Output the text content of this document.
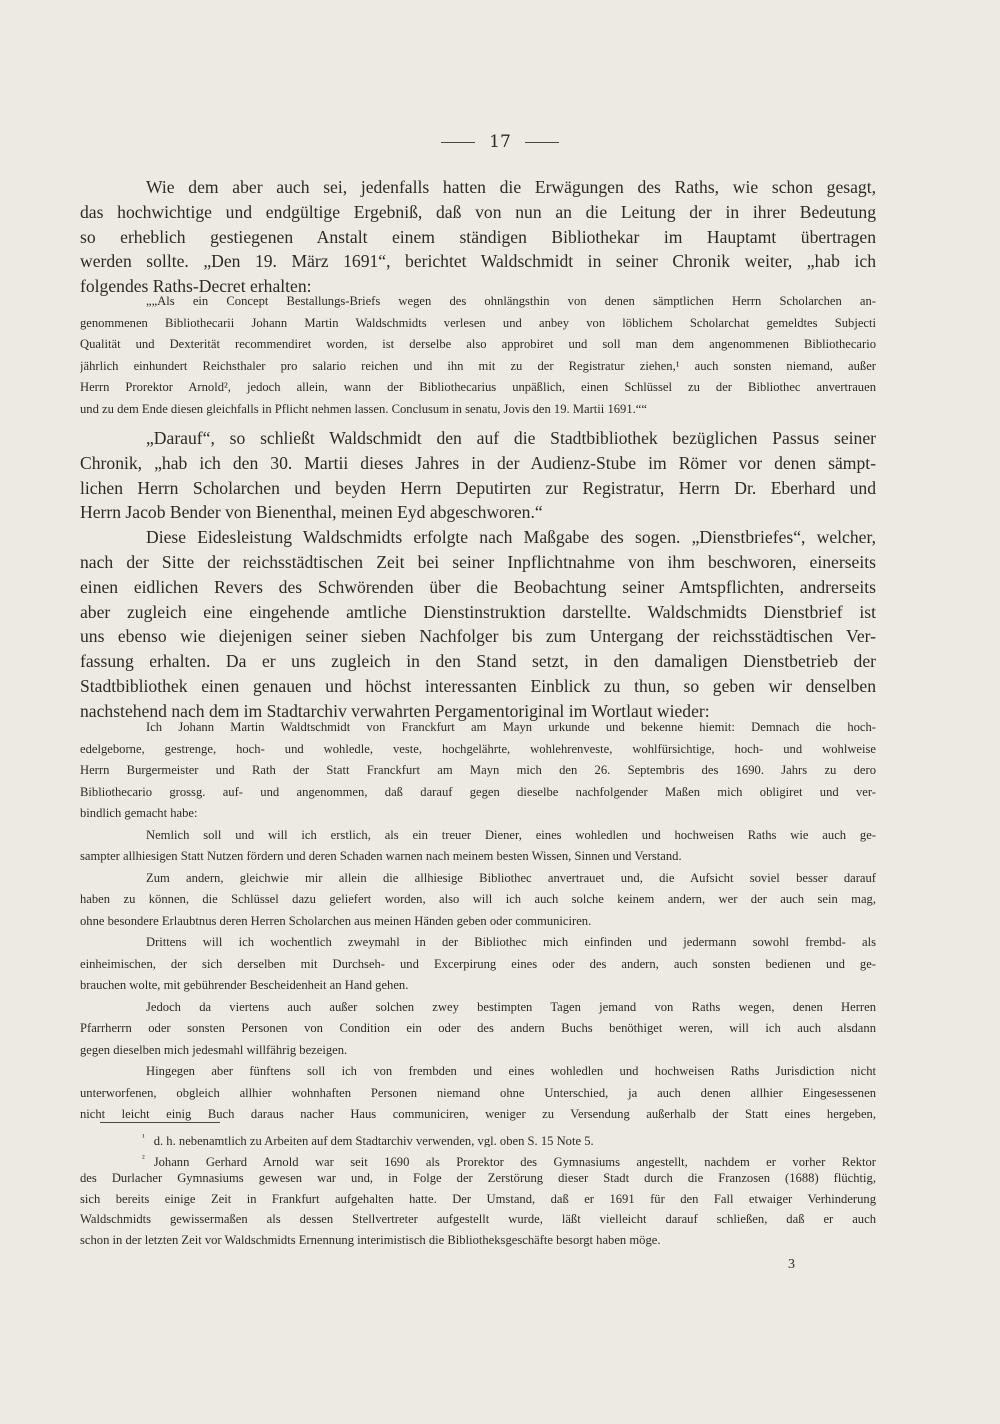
17
Wie dem aber auch sei, jedenfalls hatten die Erwägungen des Raths, wie schon gesagt,
das hochwichtige und endgültige Ergebniß, daß von nun an die Leitung der in ihrer Bedeutung
so erheblich gestiegenen Anstalt einem ständigen Bibliothekar im Hauptamt übertragen
werden sollte. „Den 19. März 1691“, berichtet Waldschmidt in seiner Chronik weiter, „hab ich
folgendes Raths-Decret erhalten:
„„Als ein Concept Bestallungs-Briefs wegen des ohnlängsthin von denen sämptlichen Herrn Scholarchen an-
genommenen Bibliothecarii Johann Martin Waldschmidts verlesen und anbey von löblichem Scholarchat gemeldtes Subjecti
Qualität und Dexterität recommendiret worden, ist derselbe also approbiret und soll man dem angenommenen Bibliothecario
jährlich einhundert Reichsthaler pro salario reichen und ihn mit zu der Registratur ziehen,¹ auch sonsten niemand, außer
Herrn Prorektor Arnold², jedoch allein, wann der Bibliothecarius unpäßlich, einen Schlüssel zu der Bibliothec anvertrauen
und zu dem Ende diesen gleichfalls in Pflicht nehmen lassen. Conclusum in senatu, Jovis den 19. Martii 1691.““
„Darauf“, so schließt Waldschmidt den auf die Stadtbibliothek bezüglichen Passus seiner
Chronik, „hab ich den 30. Martii dieses Jahres in der Audienz-Stube im Römer vor denen sämpt-
lichen Herrn Scholarchen und beyden Herrn Deputirten zur Registratur, Herrn Dr. Eberhard und
Herrn Jacob Bender von Bienenthal, meinen Eyd abgeschworen.“
Diese Eidesleistung Waldschmidts erfolgte nach Maßgabe des sogen. „Dienstbriefes“, welcher,
nach der Sitte der reichsstädtischen Zeit bei seiner Inpflichtnahme von ihm beschworen, einerseits
einen eidlichen Revers des Schwörenden über die Beobachtung seiner Amtspflichten, andrerseits
aber zugleich eine eingehende amtliche Dienstinstruktion darstellte. Waldschmidts Dienstbrief ist
uns ebenso wie diejenigen seiner sieben Nachfolger bis zum Untergang der reichsstädtischen Ver-
fassung erhalten. Da er uns zugleich in den Stand setzt, in den damaligen Dienstbetrieb der
Stadtbibliothek einen genauen und höchst interessanten Einblick zu thun, so geben wir denselben
nachstehend nach dem im Stadtarchiv verwahrten Pergamentoriginal im Wortlaut wieder:
Ich Johann Martin Waldtschmidt von Franckfurt am Mayn urkunde und bekenne hiemit: Demnach die hoch-
edelgeborne, gestrenge, hoch- und wohledle, veste, hochgelährte, wohlehrenveste, wohlfürsichtige, hoch- und wohlweise
Herrn Burgermeister und Rath der Statt Franckfurt am Mayn mich den 26. Septembris des 1690. Jahrs zu dero
Bibliothecario grossg. auf- und angenommen, daß darauf gegen dieselbe nachfolgender Maßen mich obligiret und ver-
bindlich gemacht habe:
Nemlich soll und will ich erstlich, als ein treuer Diener, eines wohledlen und hochweisen Raths wie auch ge-
sampter allhiesigen Statt Nutzen fördern und deren Schaden warnen nach meinem besten Wissen, Sinnen und Verstand.
Zum andern, gleichwie mir allein die allhiesige Bibliothec anvertrauet und, die Aufsicht soviel besser darauf
haben zu können, die Schlüssel dazu geliefert worden, also will ich auch solche keinem andern, wer der auch sein mag,
ohne besondere Erlaubtnus deren Herren Scholarchen aus meinen Händen geben oder communiciren.
Drittens will ich wochentlich zweymahl in der Bibliothec mich einfinden und jedermann sowohl frembd- als
einheimischen, der sich derselben mit Durchseh- und Excerpirung eines oder des andern, auch sonsten bedienen und ge-
brauchen wolte, mit gebührender Bescheidenheit an Hand gehen.
Jedoch da viertens auch außer solchen zwey bestimpten Tagen jemand von Raths wegen, denen Herren
Pfarrherrn oder sonsten Personen von Condition ein oder des andern Buchs benöthiget weren, will ich auch alsdann
gegen dieselben mich jedesmahl willfährig bezeigen.
Hingegen aber fünftens soll ich von frembden und eines wohledlen und hochweisen Raths Jurisdiction nicht
unterworfenen, obgleich allhier wohnhaften Personen niemand ohne Unterschied, ja auch denen allhier Eingesessenen
nicht leicht einig Buch daraus nacher Haus communiciren, weniger zu Versendung außerhalb der Statt eines hergeben,
$^{^1}$ d. h. nebenamtlich zu Arbeiten auf dem Stadtarchiv verwenden, vgl. oben S. 15 Note 5.
$^{^2}$ Johann Gerhard Arnold war seit 1690 als Prorektor des Gymnasiums angestellt, nachdem er vorher Rektor
des Durlacher Gymnasiums gewesen war und, in Folge der Zerstörung dieser Stadt durch die Franzosen (1688) flüchtig,
sich bereits einige Zeit in Frankfurt aufgehalten hatte. Der Umstand, daß er 1691 für den Fall etwaiger Verhinderung
Waldschmidts gewissermaßen als dessen Stellvertreter aufgestellt wurde, läßt vielleicht darauf schließen, daß er auch
schon in der letzten Zeit vor Waldschmidts Ernennung interimistisch die Bibliotheksgeschäfte besorgt haben möge.
3
